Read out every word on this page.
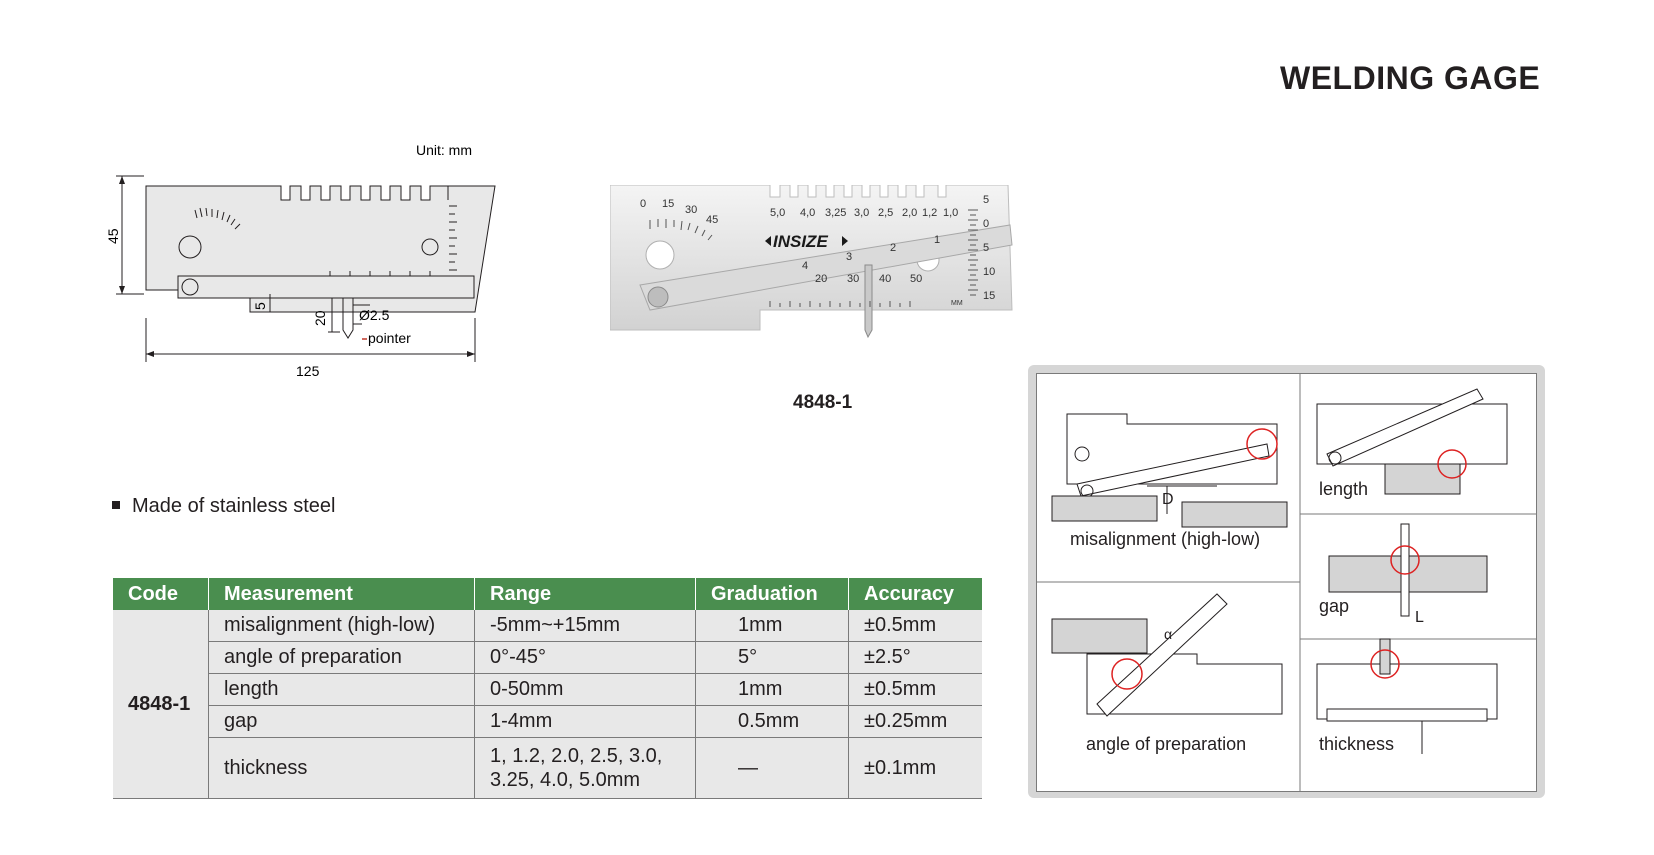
WELDING GAGE
Unit: mm
45
125
5
20 Ø2.5
pointer
5,0 4,0 3,25 3,0 2,5 2,0 1,2 1,0
5
0
5
10
15
0 15 30
45
1
2
3
4
20 30 40 50
MM
INSIZE
4848-1
Made of stainless steel
Code	Measurement	Range	Graduation	Accuracy
4848-1	misalignment (high-low)	-5mm~+15mm	1mm	±0.5mm
	angle of preparation	0°-45°	5°	±2.5°
	length	0-50mm	1mm	±0.5mm
	gap	1-4mm	0.5mm	±0.25mm
	thickness	1, 1.2, 2.0, 2.5, 3.0,
3.25, 4.0, 5.0mm	—	±0.1mm
D
L
α
misalignment (high-low)
length
gap
angle of preparation	thickness
